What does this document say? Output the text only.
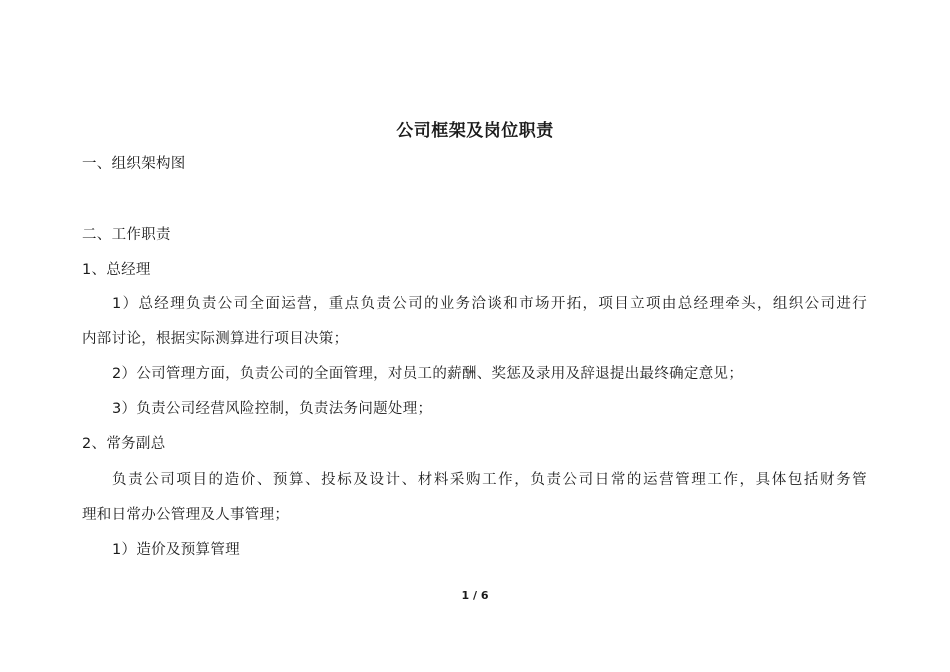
公司框架及岗位职责
一、组织架构图
二、工作职责
1、总经理
1）总经理负责公司全面运营，重点负责公司的业务洽谈和市场开拓，项目立项由总经理牵头，组织公司进行
内部讨论，根据实际测算进行项目决策；
2）公司管理方面，负责公司的全面管理，对员工的薪酬、奖惩及录用及辞退提出最终确定意见；
3）负责公司经营风险控制，负责法务问题处理；
2、常务副总
负责公司项目的造价、预算、投标及设计、材料采购工作，负责公司日常的运营管理工作，具体包括财务管
理和日常办公管理及人事管理；
1）造价及预算管理
1 / 6
